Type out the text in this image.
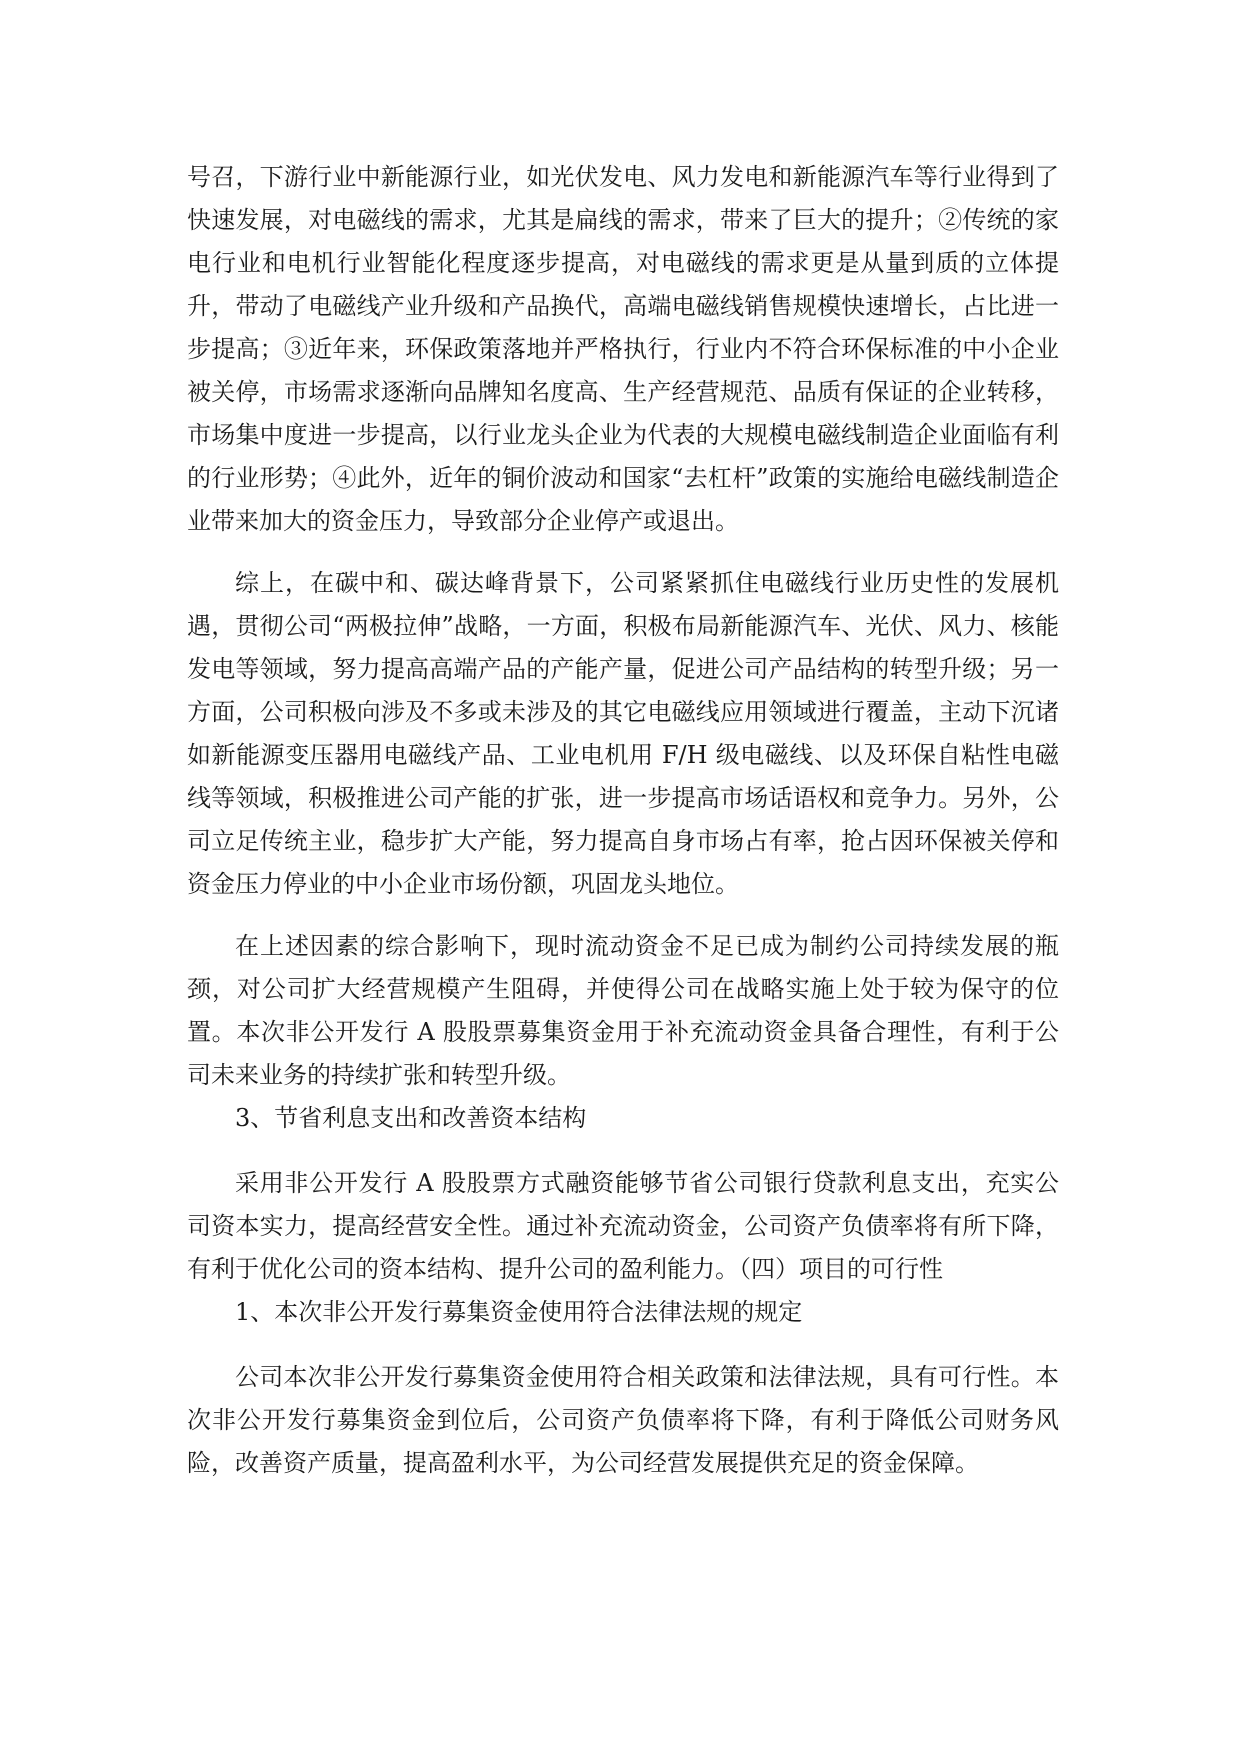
号召，下游行业中新能源行业，如光伏发电、风力发电和新能源汽车等行业得到了快速发展，对电磁线的需求，尤其是扁线的需求，带来了巨大的提升；②传统的家电行业和电机行业智能化程度逐步提高，对电磁线的需求更是从量到质的立体提升，带动了电磁线产业升级和产品换代，高端电磁线销售规模快速增长，占比进一步提高；③近年来，环保政策落地并严格执行，行业内不符合环保标准的中小企业被关停，市场需求逐渐向品牌知名度高、生产经营规范、品质有保证的企业转移，市场集中度进一步提高，以行业龙头企业为代表的大规模电磁线制造企业面临有利的行业形势；④此外，近年的铜价波动和国家“去杠杆”政策的实施给电磁线制造企业带来加大的资金压力，导致部分企业停产或退出。

综上，在碳中和、碳达峰背景下，公司紧紧抓住电磁线行业历史性的发展机遇，贯彻公司“两极拉伸”战略，一方面，积极布局新能源汽车、光伏、风力、核能发电等领域，努力提高高端产品的产能产量，促进公司产品结构的转型升级；另一方面，公司积极向涉及不多或未涉及的其它电磁线应用领域进行覆盖，主动下沉诸如新能源变压器用电磁线产品、工业电机用 F/H 级电磁线、以及环保自粘性电磁线等领域，积极推进公司产能的扩张，进一步提高市场话语权和竞争力。另外，公司立足传统主业，稳步扩大产能，努力提高自身市场占有率，抢占因环保被关停和资金压力停业的中小企业市场份额，巩固龙头地位。

在上述因素的综合影响下，现时流动资金不足已成为制约公司持续发展的瓶颈，对公司扩大经营规模产生阻碍，并使得公司在战略实施上处于较为保守的位置。本次非公开发行 A 股股票募集资金用于补充流动资金具备合理性，有利于公司未来业务的持续扩张和转型升级。

3、节省利息支出和改善资本结构

采用非公开发行 A 股股票方式融资能够节省公司银行贷款利息支出，充实公司资本实力，提高经营安全性。通过补充流动资金，公司资产负债率将有所下降，有利于优化公司的资本结构、提升公司的盈利能力。（四）项目的可行性

1、本次非公开发行募集资金使用符合法律法规的规定

公司本次非公开发行募集资金使用符合相关政策和法律法规，具有可行性。本次非公开发行募集资金到位后，公司资产负债率将下降，有利于降低公司财务风险，改善资产质量，提高盈利水平，为公司经营发展提供充足的资金保障。
